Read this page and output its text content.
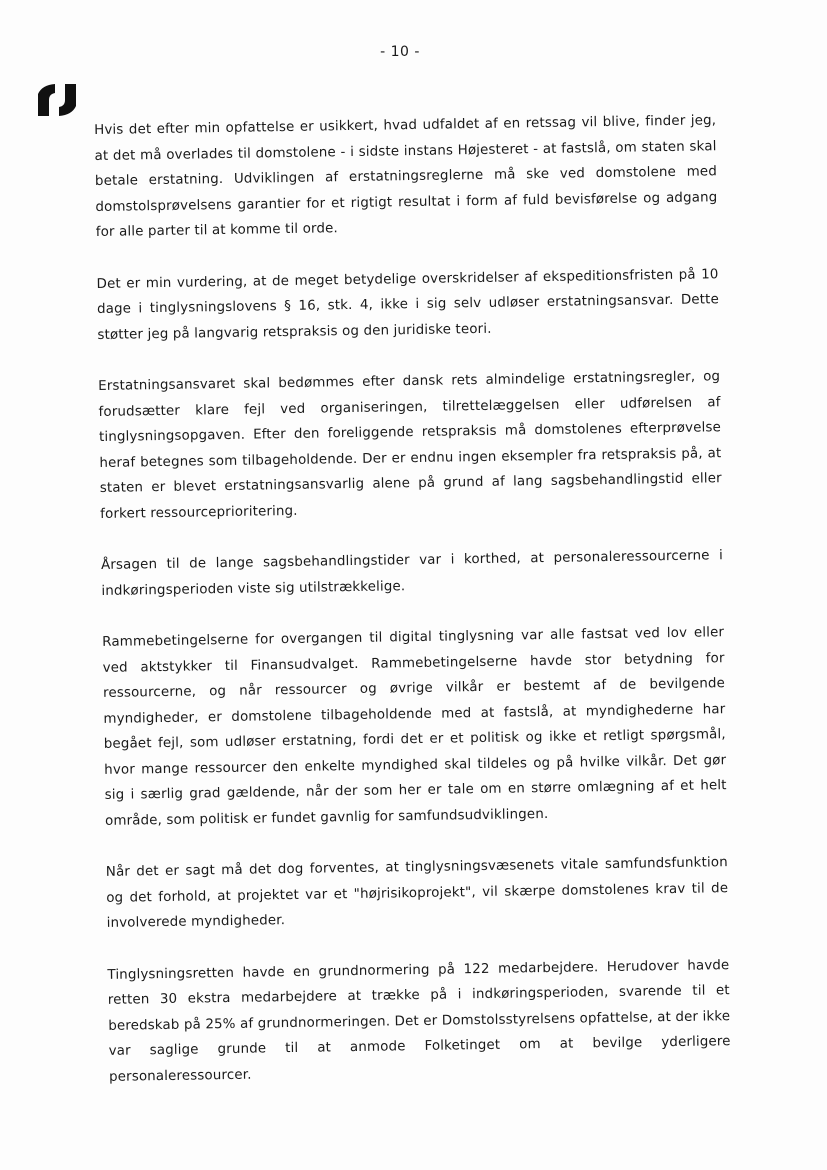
- 10 -

Hvis det efter min opfattelse er usikkert, hvad udfaldet af en retssag vil blive, finder jeg, at det må overlades til domstolene - i sidste instans Højesteret - at fastslå, om staten skal betale erstatning. Udviklingen af erstatningsreglerne må ske ved domstolene med domstolsprøvelsens garantier for et rigtigt resultat i form af fuld bevisførelse og adgang for alle parter til at komme til orde.

Det er min vurdering, at de meget betydelige overskridelser af ekspeditionsfristen på 10 dage i tinglysningslovens § 16, stk. 4, ikke i sig selv udløser erstatningsansvar. Dette støtter jeg på langvarig retspraksis og den juridiske teori.

Erstatningsansvaret skal bedømmes efter dansk rets almindelige erstatningsregler, og forudsætter klare fejl ved organiseringen, tilrettelæggelsen eller udførelsen af tinglysningsopgaven. Efter den foreliggende retspraksis må domstolenes efterprøvelse heraf betegnes som tilbageholdende. Der er endnu ingen eksempler fra retspraksis på, at staten er blevet erstatningsansvarlig alene på grund af lang sagsbehandlingstid eller forkert ressourceprioritering.

Årsagen til de lange sagsbehandlingstider var i korthed, at personaleressourcerne i indkøringsperioden viste sig utilstrækkelige.

Rammebetingelserne for overgangen til digital tinglysning var alle fastsat ved lov eller ved aktstykker til Finansudvalget. Rammebetingelserne havde stor betydning for ressourcerne, og når ressourcer og øvrige vilkår er bestemt af de bevilgende myndigheder, er domstolene tilbageholdende med at fastslå, at myndighederne har begået fejl, som udløser erstatning, fordi det er et politisk og ikke et retligt spørgsmål, hvor mange ressourcer den enkelte myndighed skal tildeles og på hvilke vilkår. Det gør sig i særlig grad gældende, når der som her er tale om en større omlægning af et helt område, som politisk er fundet gavnlig for samfundsudviklingen.

Når det er sagt må det dog forventes, at tinglysningsvæsenets vitale samfundsfunktion og det forhold, at projektet var et "højrisikoprojekt", vil skærpe domstolenes krav til de involverede myndigheder.

Tinglysningsretten havde en grundnormering på 122 medarbejdere. Herudover havde retten 30 ekstra medarbejdere at trække på i indkøringsperioden, svarende til et beredskab på 25% af grundnormeringen. Det er Domstolsstyrelsens opfattelse, at der ikke var saglige grunde til at anmode Folketinget om at bevilge yderligere personaleressourcer.
